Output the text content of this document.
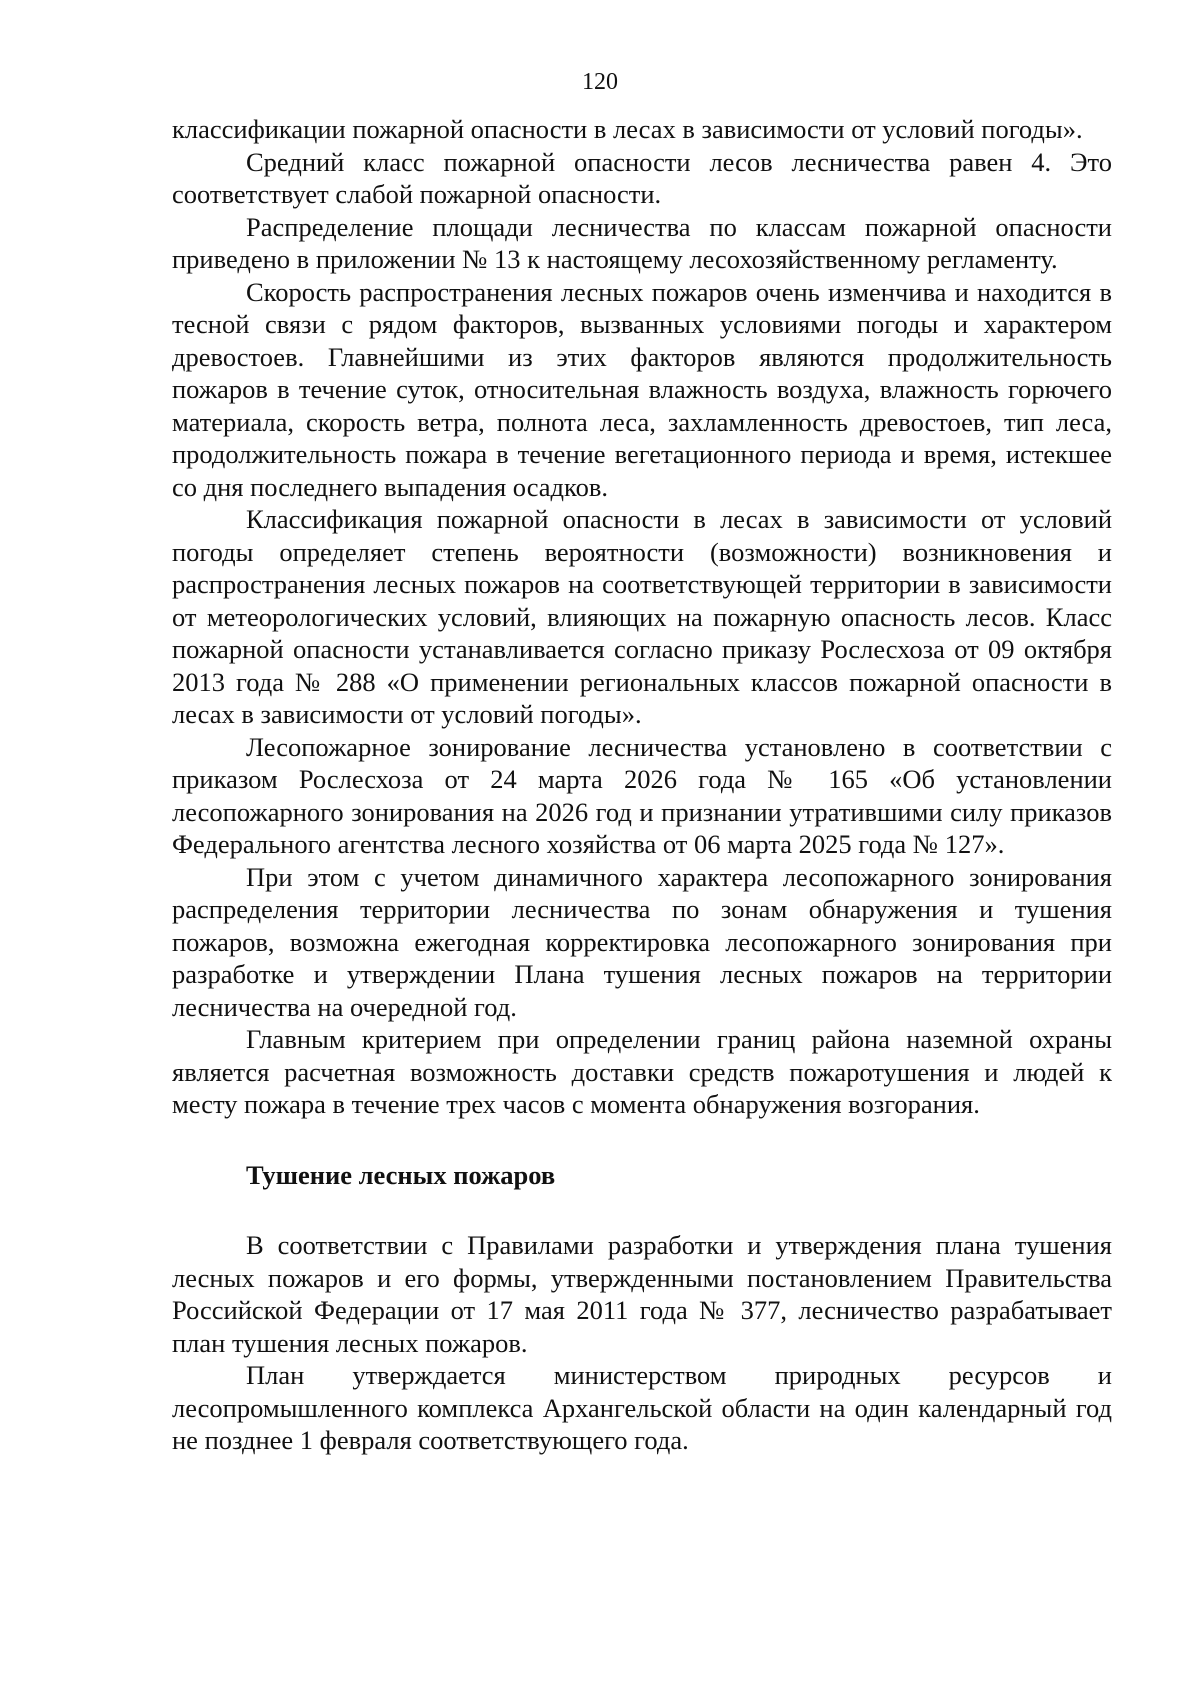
120

классификации пожарной опасности в лесах в зависимости от условий погоды».

Средний класс пожарной опасности лесов лесничества равен 4. Это соответствует слабой пожарной опасности.

Распределение площади лесничества по классам пожарной опасности приведено в приложении № 13 к настоящему лесохозяйственному регламенту.

Скорость распространения лесных пожаров очень изменчива и находится в тесной связи с рядом факторов, вызванных условиями погоды и характером древостоев. Главнейшими из этих факторов являются продолжительность пожаров в течение суток, относительная влажность воздуха, влажность горючего материала, скорость ветра, полнота леса, захламленность древостоев, тип леса, продолжительность пожара в течение вегетационного периода и время, истекшее со дня последнего выпадения осадков.

Классификация пожарной опасности в лесах в зависимости от условий погоды определяет степень вероятности (возможности) возникновения и распространения лесных пожаров на соответствующей территории в зависимости от метеорологических условий, влияющих на пожарную опасность лесов. Класс пожарной опасности устанавливается согласно приказу Рослесхоза от 09 октября 2013 года № 288 «О применении региональных классов пожарной опасности в лесах в зависимости от условий погоды».

Лесопожарное зонирование лесничества установлено в соответствии с приказом Рослесхоза от 24 марта 2026 года № 165 «Об установлении лесопожарного зонирования на 2026 год и признании утратившими силу приказов Федерального агентства лесного хозяйства от 06 марта 2025 года № 127».

При этом с учетом динамичного характера лесопожарного зонирования распределения территории лесничества по зонам обнаружения и тушения пожаров, возможна ежегодная корректировка лесопожарного зонирования при разработке и утверждении Плана тушения лесных пожаров на территории лесничества на очередной год.

Главным критерием при определении границ района наземной охраны является расчетная возможность доставки средств пожаротушения и людей к месту пожара в течение трех часов с момента обнаружения возгорания.

Тушение лесных пожаров

В соответствии с Правилами разработки и утверждения плана тушения лесных пожаров и его формы, утвержденными постановлением Правительства Российской Федерации от 17 мая 2011 года № 377, лесничество разрабатывает план тушения лесных пожаров.

План утверждается министерством природных ресурсов и лесопромышленного комплекса Архангельской области на один календарный год не позднее 1 февраля соответствующего года.
